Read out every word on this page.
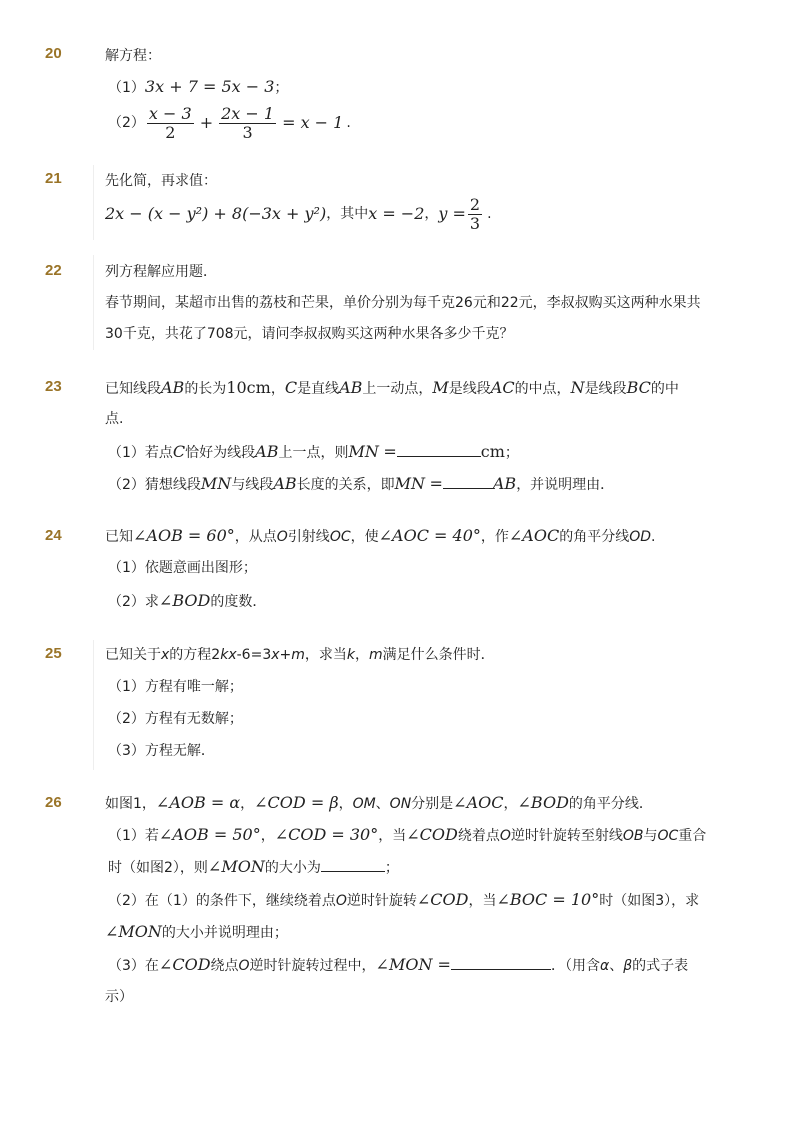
20	解方程：
（1）3x + 7 = 5x − 3；
$(2) \frac{x - 3}{2} + \frac{2x - 1}{3} = x - 1$ .
21	先化简，再求值：
2x − (x − y²) + 8(−3x + y²) ，其中 x = −2 ， $y = \frac{2}{3}$ .
22	列方程解应用题．
春节期间，某超市出售的荔枝和芒果，单价分别为每千克26元和22元，李叔叔购买这两种水果共
30千克，共花了708元，请问李叔叔购买这两种水果各多少千克？
23	已知线段AB的长为10cm，C是直线AB上一动点，M是线段AC的中点，N是线段BC的中
点.
（1）若点C恰好为线段AB上一点，则MN =	cm；
（2）猜想线段MN与线段AB长度的关系，即MN =	AB，并说明理由．
24	已知∠AOB = 60°，从点O引射线OC，使∠AOC = 40°，作∠AOC的角平分线OD.
（1）依题意画出图形；
（2）求∠BOD的度数．
25	已知关于x的方程2kx-6=3x+m，求当k，m满足什么条件时．
（1）方程有唯一解；
（2）方程有无数解；
（3）方程无解．
26	如图1，∠AOB = α，∠COD = β，OM、ON分别是∠AOC，∠BOD的角平分线．
（1）若∠AOB = 50°，∠COD = 30°，当∠COD绕着点O逆时针旋转至射线OB与OC重合
时（如图2），则∠MON的大小为	；
（2）在（1）的条件下，继续绕着点O逆时针旋转∠COD，当∠BOC = 10°时（如图3），求
∠MON的大小并说明理由；
（3）在∠COD绕点O逆时针旋转过程中，∠MON =	．（用含α、β的式子表
示）
